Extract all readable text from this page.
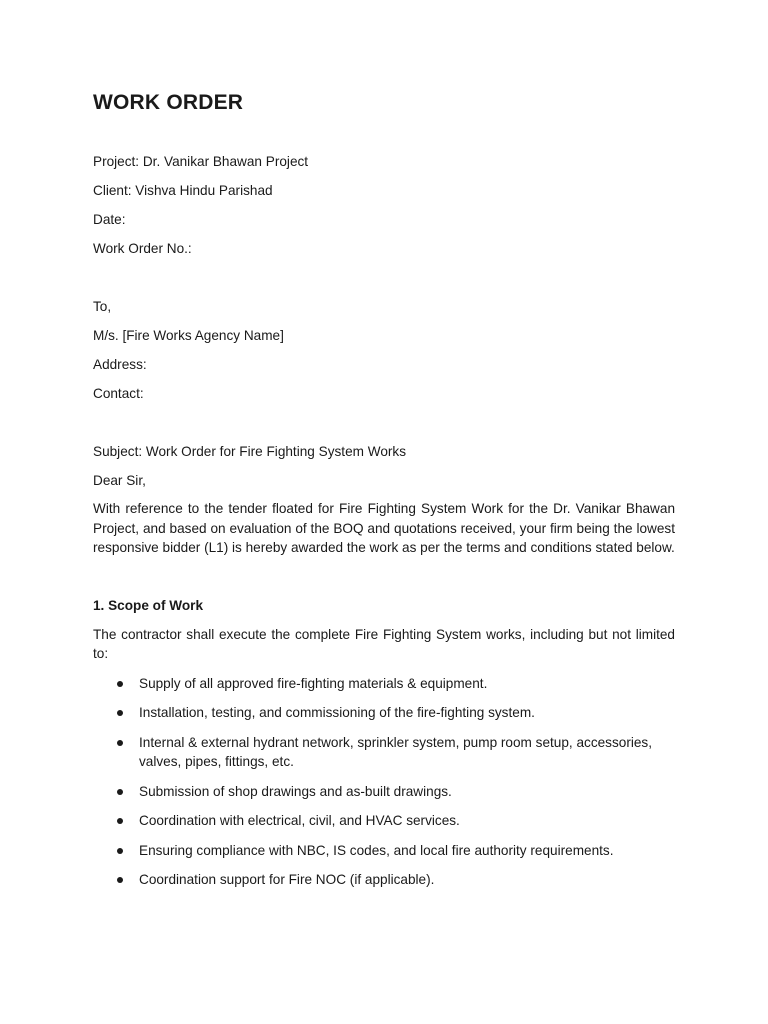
WORK ORDER

Project: Dr. Vanikar Bhawan Project

Client: Vishva Hindu Parishad

Date:

Work Order No.:

To,

M/s. [Fire Works Agency Name]

Address:

Contact:

Subject: Work Order for Fire Fighting System Works

Dear Sir,

With reference to the tender floated for Fire Fighting System Work for the Dr. Vanikar Bhawan Project, and based on evaluation of the BOQ and quotations received, your firm being the lowest responsive bidder (L1) is hereby awarded the work as per the terms and conditions stated below.

1. Scope of Work

The contractor shall execute the complete Fire Fighting System works, including but not limited to:

Supply of all approved fire-fighting materials & equipment.
Installation, testing, and commissioning of the fire-fighting system.
Internal & external hydrant network, sprinkler system, pump room setup, accessories, valves, pipes, fittings, etc.
Submission of shop drawings and as-built drawings.
Coordination with electrical, civil, and HVAC services.
Ensuring compliance with NBC, IS codes, and local fire authority requirements.
Coordination support for Fire NOC (if applicable).
